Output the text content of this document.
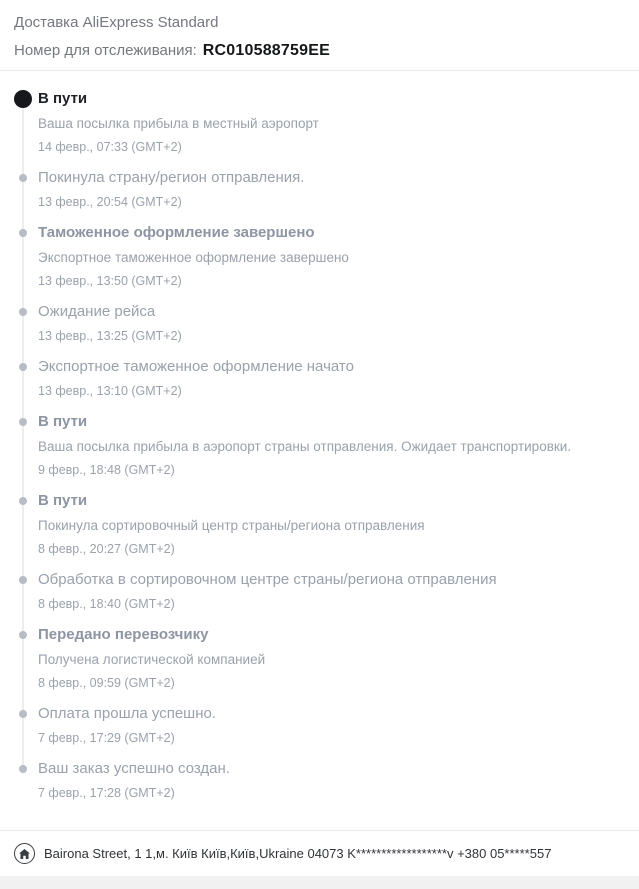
Доставка AliExpress Standard
Номер для отслеживания: RC010588759EE
В пути
Ваша посылка прибыла в местный аэропорт
14 февр., 07:33 (GMT+2)
Покинула страну/регион отправления.
13 февр., 20:54 (GMT+2)
Таможенное оформление завершено
Экспортное таможенное оформление завершено
13 февр., 13:50 (GMT+2)
Ожидание рейса
13 февр., 13:25 (GMT+2)
Экспортное таможенное оформление начато
13 февр., 13:10 (GMT+2)
В пути
Ваша посылка прибыла в аэропорт страны отправления. Ожидает транспортировки.
9 февр., 18:48 (GMT+2)
В пути
Покинула сортировочный центр страны/региона отправления
8 февр., 20:27 (GMT+2)
Обработка в сортировочном центре страны/региона отправления
8 февр., 18:40 (GMT+2)
Передано перевозчику
Получена логистической компанией
8 февр., 09:59 (GMT+2)
Оплата прошла успешно.
7 февр., 17:29 (GMT+2)
Ваш заказ успешно создан.
7 февр., 17:28 (GMT+2)
Bairona Street, 1 1,м. Київ Київ,Київ,Ukraine 04073 K******************v +380 05*****557
